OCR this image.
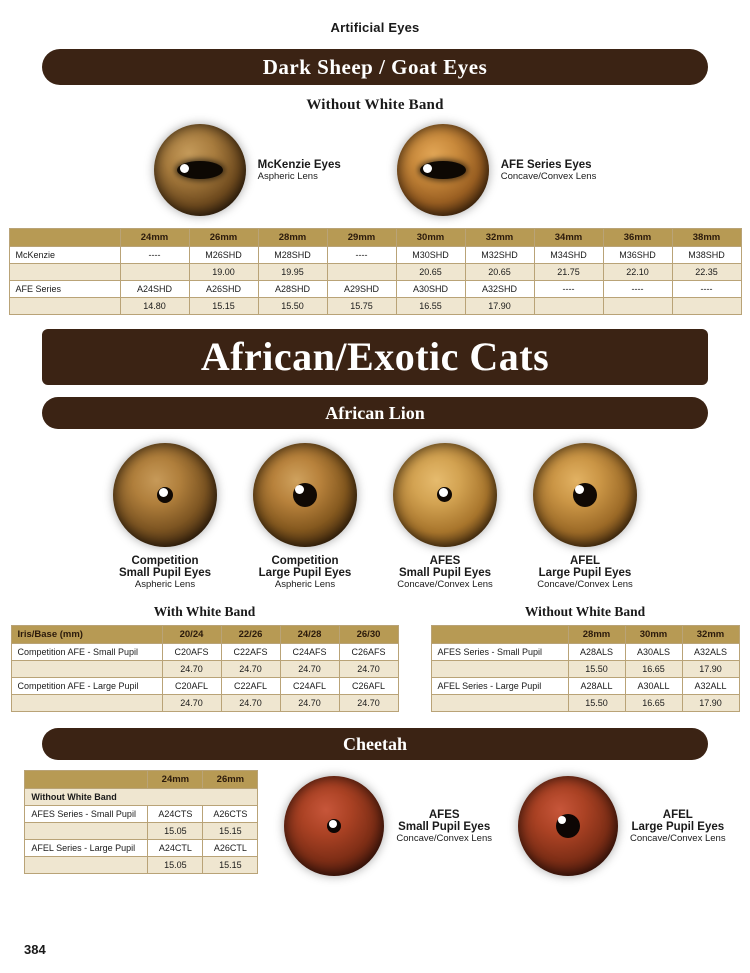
Artificial Eyes
Dark Sheep / Goat Eyes
Without White Band
McKenzie Eyes
Aspheric Lens
AFE Series Eyes
Concave/Convex Lens
	24mm	26mm	28mm	29mm	30mm	32mm	34mm	36mm	38mm
McKenzie	----	M26SHD	M28SHD	----	M30SHD	M32SHD	M34SHD	M36SHD	M38SHD
		19.00	19.95		20.65	20.65	21.75	22.10	22.35
AFE Series	A24SHD	A26SHD	A28SHD	A29SHD	A30SHD	A32SHD	----	----	----
	14.80	15.15	15.50	15.75	16.55	17.90			
African/Exotic Cats
African Lion
Competition
Small Pupil Eyes
Aspheric Lens
Competition
Large Pupil Eyes
Aspheric Lens
AFES
Small Pupil Eyes
Concave/Convex Lens
AFEL
Large Pupil Eyes
Concave/Convex Lens
With White Band
Iris/Base (mm)	20/24	22/26	24/28	26/30
Competition AFE - Small Pupil	C20AFS	C22AFS	C24AFS	C26AFS
	24.70	24.70	24.70	24.70
Competition AFE - Large Pupil	C20AFL	C22AFL	C24AFL	C26AFL
	24.70	24.70	24.70	24.70
Without White Band
	28mm	30mm	32mm
AFES Series - Small Pupil	A28ALS	A30ALS	A32ALS
	15.50	16.65	17.90
AFEL Series - Large Pupil	A28ALL	A30ALL	A32ALL
	15.50	16.65	17.90
Cheetah
	24mm	26mm
Without White Band		
AFES Series - Small Pupil	A24CTS	A26CTS
	15.05	15.15
AFEL Series - Large Pupil	A24CTL	A26CTL
	15.05	15.15
AFES
Small Pupil Eyes
Concave/Convex Lens
AFEL
Large Pupil Eyes
Concave/Convex Lens
384
